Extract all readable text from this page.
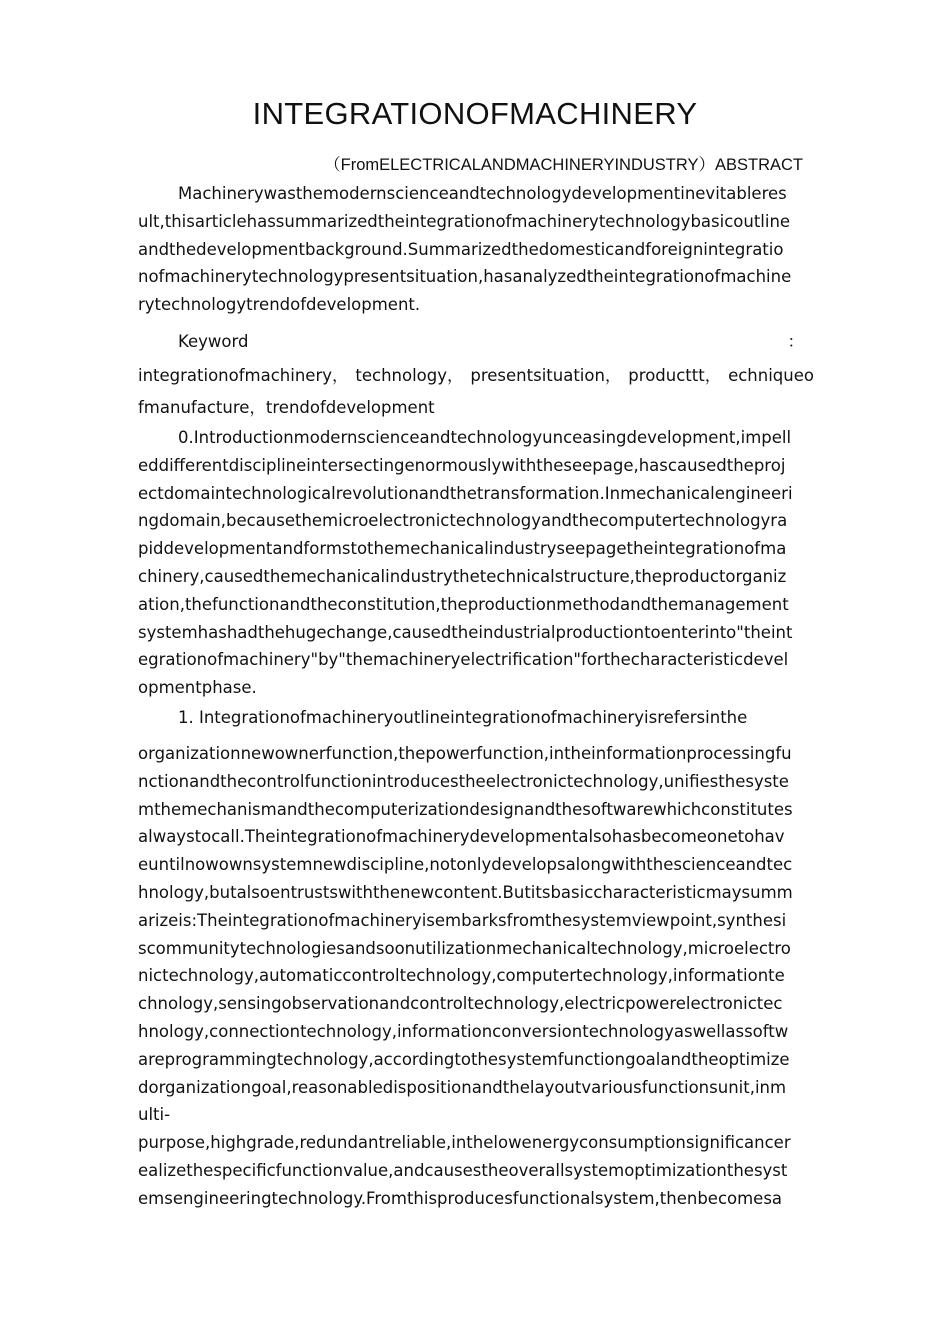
INTEGRATIONOFMACHINERY
（FromELECTRICALANDMACHINERYINDUSTRY）ABSTRACT
Machinerywasthemodernscienceandtechnologydevelopmentinevitableres
ult,thisarticlehassummarizedtheintegrationofmachinerytechnologybasicoutline
andthedevelopmentbackground.Summarizedthedomesticandforeignintegratio
nofmachinerytechnologypresentsituation,hasanalyzedtheintegrationofmachine
rytechnologytrendofdevelopment.
Keyword	：
integrationofmachinery， technology， presentsituation， producttt， echniqueo
fmanufacture，trendofdevelopment
0.Introductionmodernscienceandtechnologyunceasingdevelopment,impell
eddifferentdisciplineintersectingenormouslywiththeseepage,hascausedtheproj
ectdomaintechnologicalrevolutionandthetransformation.Inmechanicalengineeri
ngdomain,becausethemicroelectronictechnologyandthecomputertechnologyra
piddevelopmentandformstothemechanicalindustryseepagetheintegrationofma
chinery,causedthemechanicalindustrythetechnicalstructure,theproductorganiz
ation,thefunctionandtheconstitution,theproductionmethodandthemanagement
systemhashadthehugechange,causedtheindustrialproductiontoenterinto"theint
egrationofmachinery"by"themachineryelectrification"forthecharacteristicdevel
opmentphase.
1. Integrationofmachineryoutlineintegrationofmachineryisrefersinthe
organizationnewownerfunction,thepowerfunction,intheinformationprocessingfu
nctionandthecontrolfunctionintroducestheelectronictechnology,unifiesthesyste
mthemechanismandthecomputerizationdesignandthesoftwarewhichconstitutes
alwaystocall.Theintegrationofmachinerydevelopmentalsohasbecomeonetohav
euntilnowownsystemnewdiscipline,notonlydevelopsalongwiththescienceandtec
hnology,butalsoentrustswiththenewcontent.Butitsbasiccharacteristicmaysumm
arizeis:Theintegrationofmachineryisembarksfromthesystemviewpoint,synthesi
scommunitytechnologiesandsoonutilizationmechanicaltechnology,microelectro
nictechnology,automaticcontroltechnology,computertechnology,informationte
chnology,sensingobservationandcontroltechnology,electricpowerelectronictec
hnology,connectiontechnology,informationconversiontechnologyaswellassoftw
areprogrammingtechnology,accordingtothesystemfunctiongoalandtheoptimize
dorganizationgoal,reasonabledispositionandthelayoutvariousfunctionsunit,inm
ulti-
purpose,highgrade,redundantreliable,inthelowenergyconsumptionsignificancer
ealizethespecificfunctionvalue,andcausestheoverallsystemoptimizationthesyst
emsengineeringtechnology.Fromthisproducesfunctionalsystem,thenbecomesa
